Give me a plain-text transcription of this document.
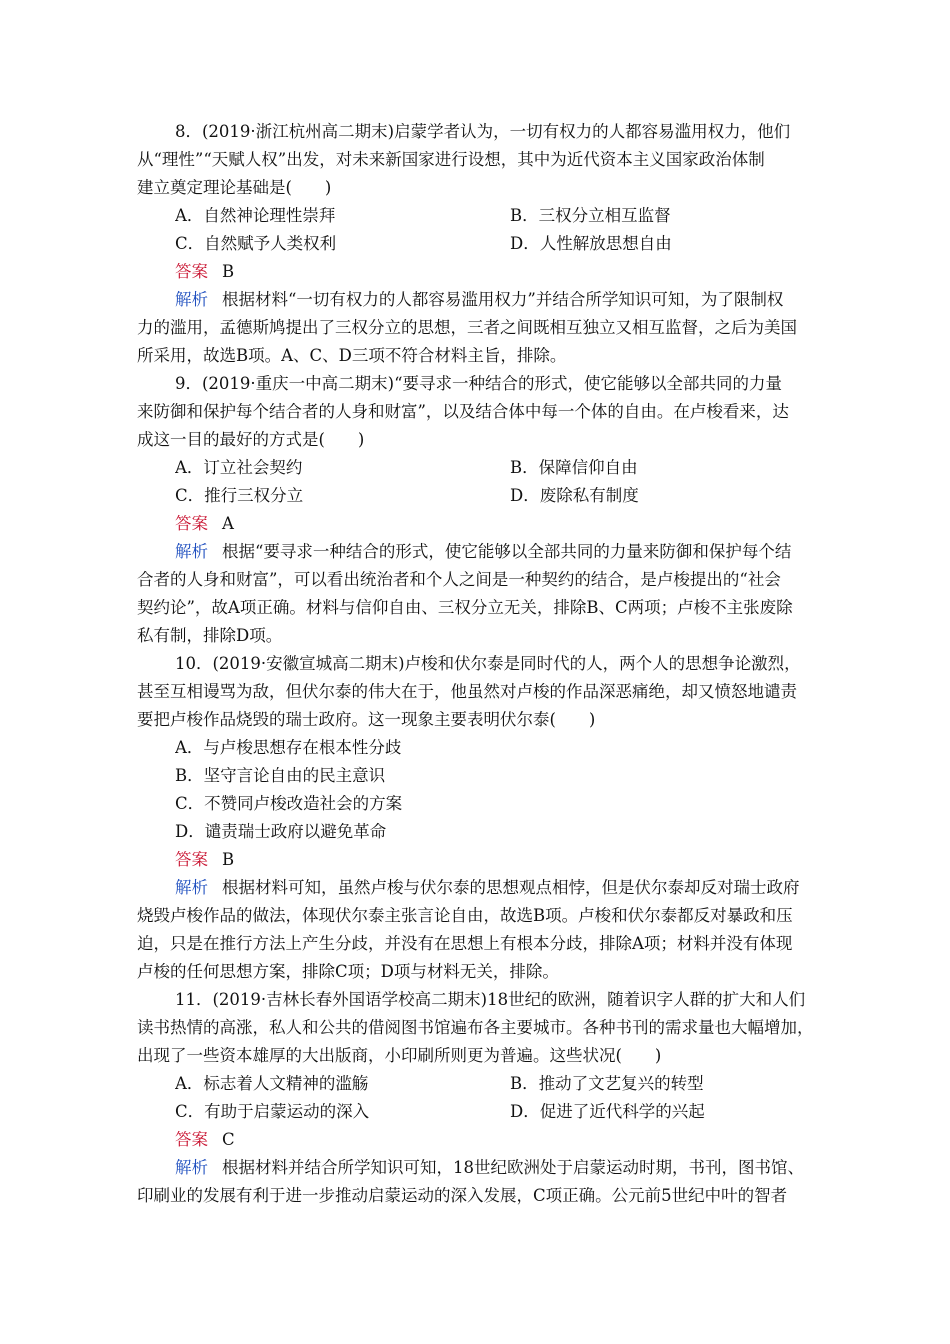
8．(2019·浙江杭州高二期末)启蒙学者认为，一切有权力的人都容易滥用权力，他们
从“理性”“天赋人权”出发，对未来新国家进行设想，其中为近代资本主义国家政治体制
建立奠定理论基础是(　　)
A．自然神论理性崇拜	B．三权分立相互监督
C．自然赋予人类权利	D．人性解放思想自由
答案 B
解析 根据材料“一切有权力的人都容易滥用权力”并结合所学知识可知，为了限制权
力的滥用，孟德斯鸠提出了三权分立的思想，三者之间既相互独立又相互监督，之后为美国
所采用，故选B项。A、C、D三项不符合材料主旨，排除。
9．(2019·重庆一中高二期末)“要寻求一种结合的形式，使它能够以全部共同的力量
来防御和保护每个结合者的人身和财富”，以及结合体中每一个体的自由。在卢梭看来，达
成这一目的最好的方式是(　　)
A．订立社会契约	B．保障信仰自由
C．推行三权分立	D．废除私有制度
答案 A
解析 根据“要寻求一种结合的形式，使它能够以全部共同的力量来防御和保护每个结
合者的人身和财富”，可以看出统治者和个人之间是一种契约的结合，是卢梭提出的“社会
契约论”，故A项正确。材料与信仰自由、三权分立无关，排除B、C两项；卢梭不主张废除
私有制，排除D项。
10．(2019·安徽宣城高二期末)卢梭和伏尔泰是同时代的人，两个人的思想争论激烈，
甚至互相谩骂为敌，但伏尔泰的伟大在于，他虽然对卢梭的作品深恶痛绝，却又愤怒地谴责
要把卢梭作品烧毁的瑞士政府。这一现象主要表明伏尔泰(　　)
A．与卢梭思想存在根本性分歧
B．坚守言论自由的民主意识
C．不赞同卢梭改造社会的方案
D．谴责瑞士政府以避免革命
答案 B
解析 根据材料可知，虽然卢梭与伏尔泰的思想观点相悖，但是伏尔泰却反对瑞士政府
烧毁卢梭作品的做法，体现伏尔泰主张言论自由，故选B项。卢梭和伏尔泰都反对暴政和压
迫，只是在推行方法上产生分歧，并没有在思想上有根本分歧，排除A项；材料并没有体现
卢梭的任何思想方案，排除C项；D项与材料无关，排除。
11．(2019·吉林长春外国语学校高二期末)18世纪的欧洲，随着识字人群的扩大和人们
读书热情的高涨，私人和公共的借阅图书馆遍布各主要城市。各种书刊的需求量也大幅增加，
出现了一些资本雄厚的大出版商，小印刷所则更为普遍。这些状况(　　)
A．标志着人文精神的滥觞	B．推动了文艺复兴的转型
C．有助于启蒙运动的深入	D．促进了近代科学的兴起
答案 C
解析 根据材料并结合所学知识可知，18世纪欧洲处于启蒙运动时期，书刊，图书馆、
印刷业的发展有利于进一步推动启蒙运动的深入发展，C项正确。公元前5世纪中叶的智者
